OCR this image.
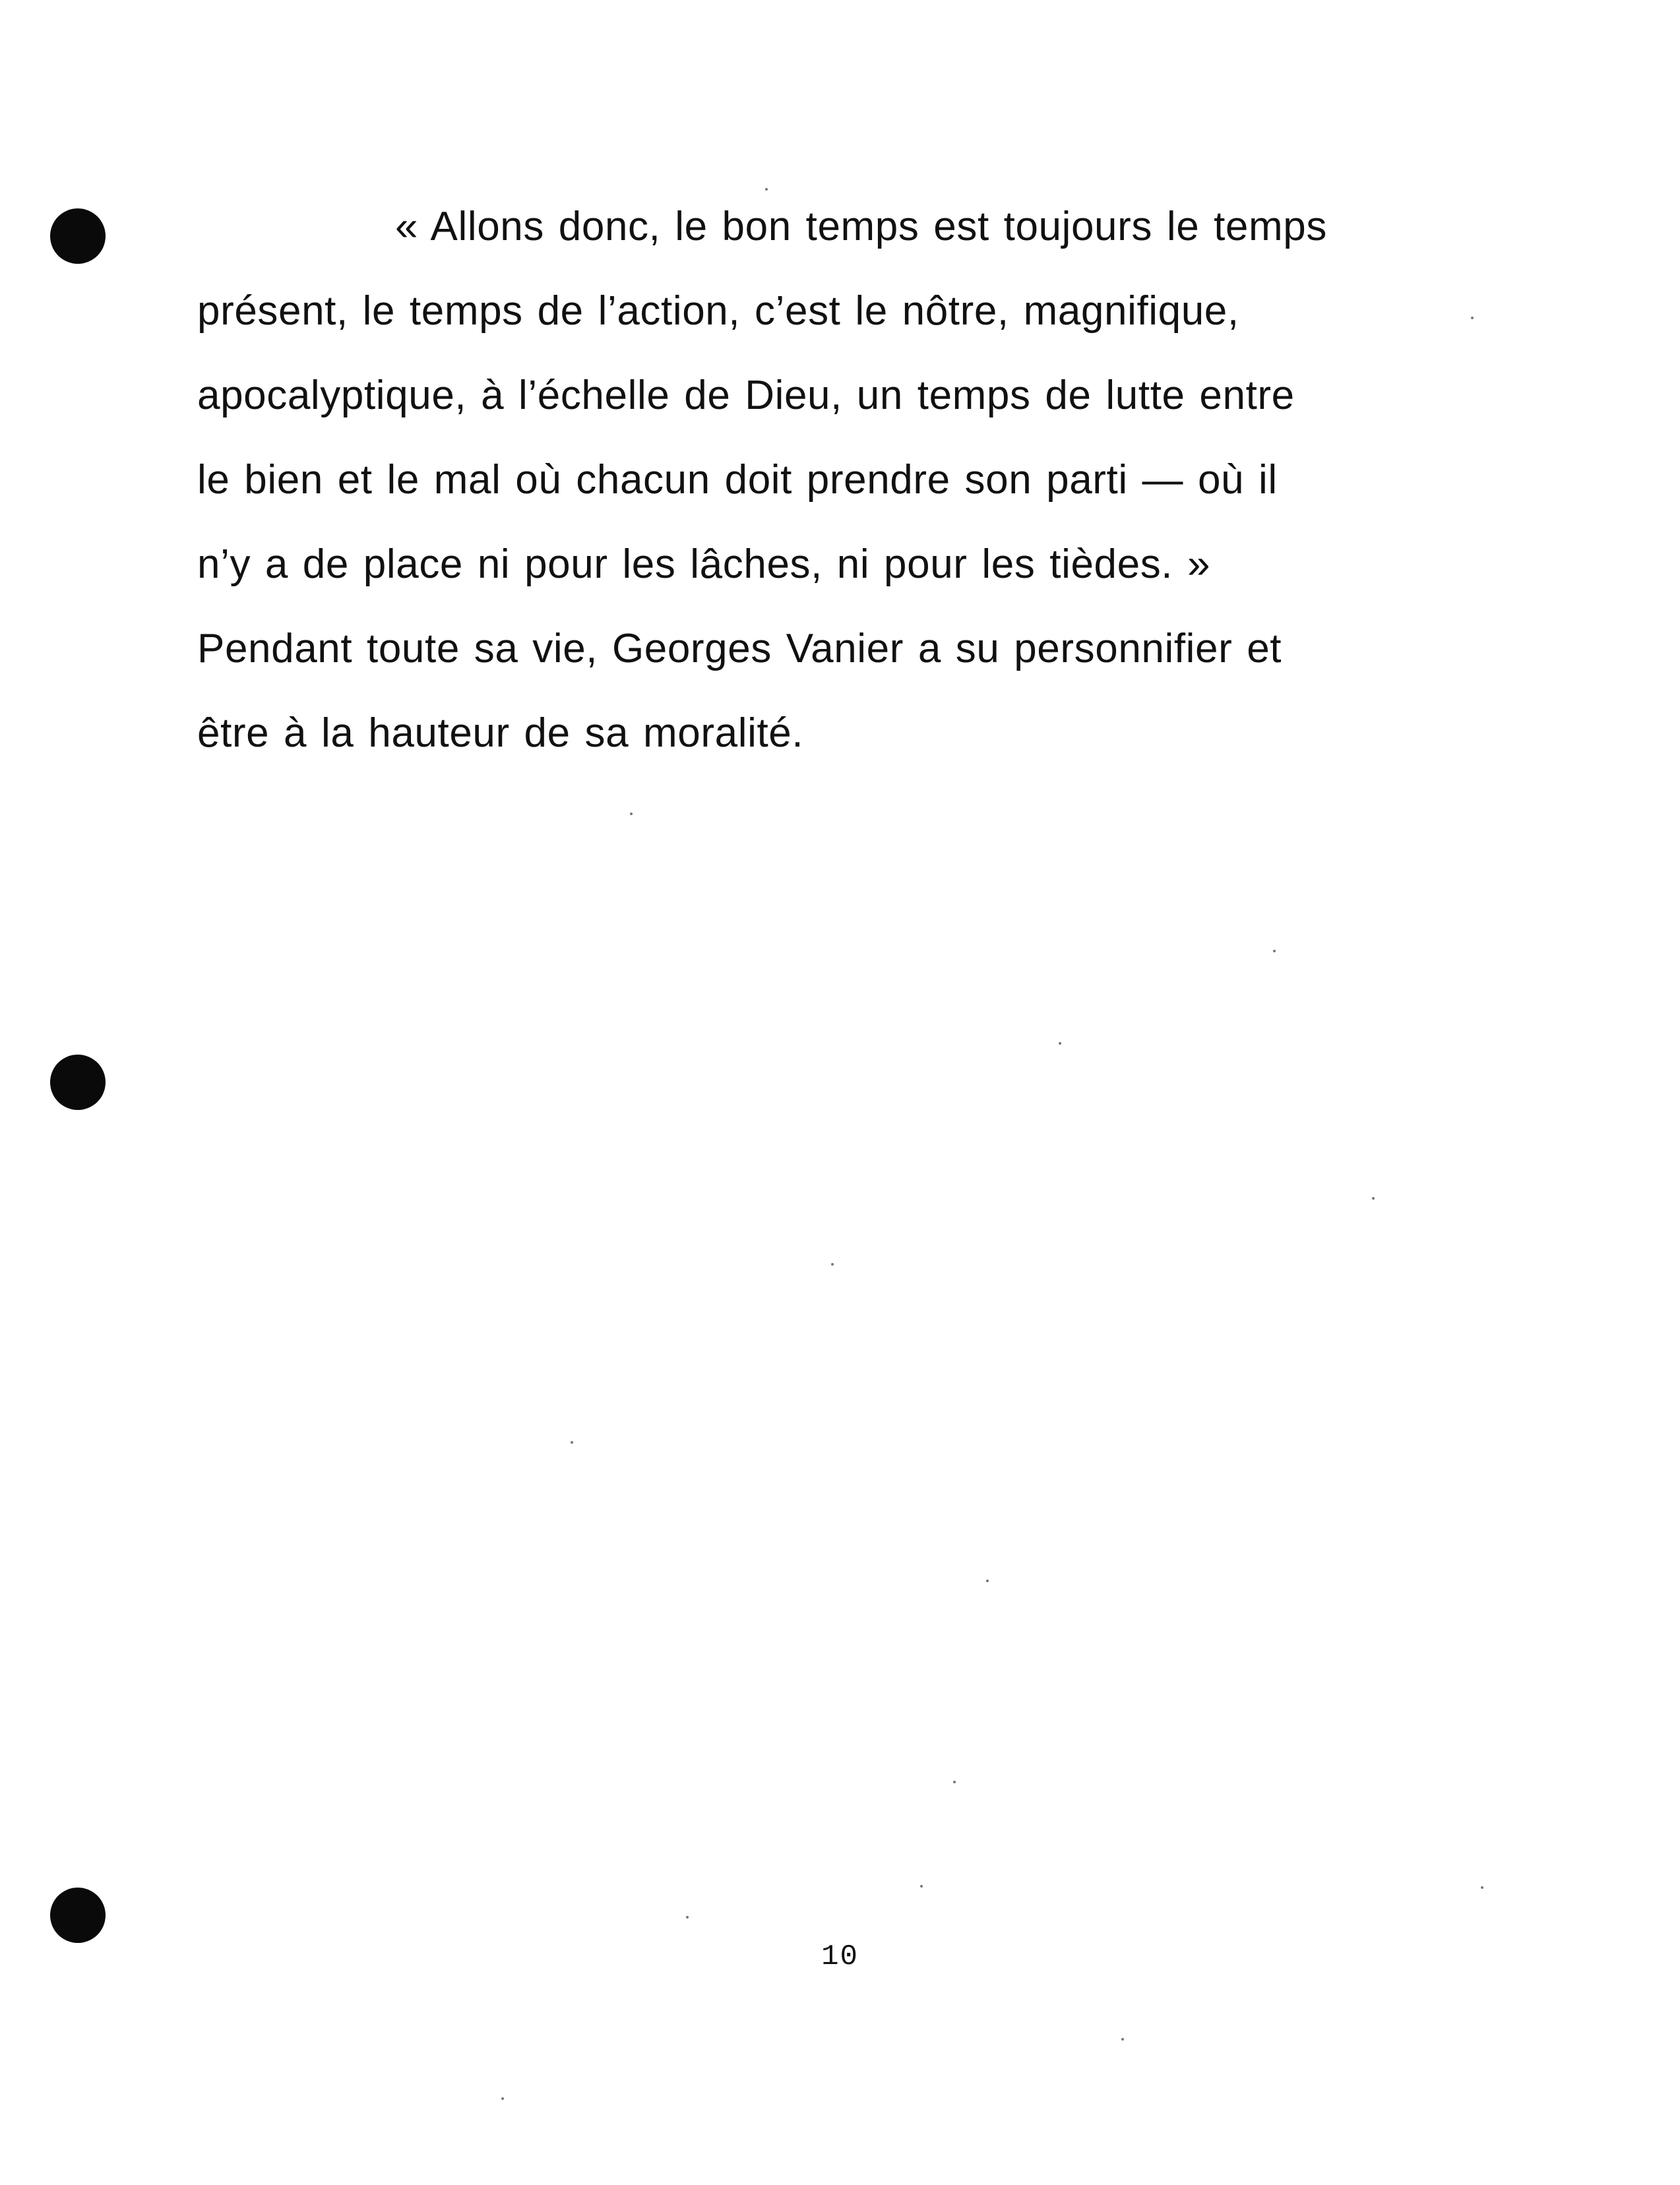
« Allons donc, le bon temps est toujours le temps
présent, le temps de l’action, c’est le nôtre, magnifique,
apocalyptique, à l’échelle de Dieu, un temps de lutte entre
le bien et le mal où chacun doit prendre son parti — où il
n’y a de place ni pour les lâches, ni pour les tièdes. »
Pendant toute sa vie, Georges Vanier a su personnifier et
être à la hauteur de sa moralité.
10
